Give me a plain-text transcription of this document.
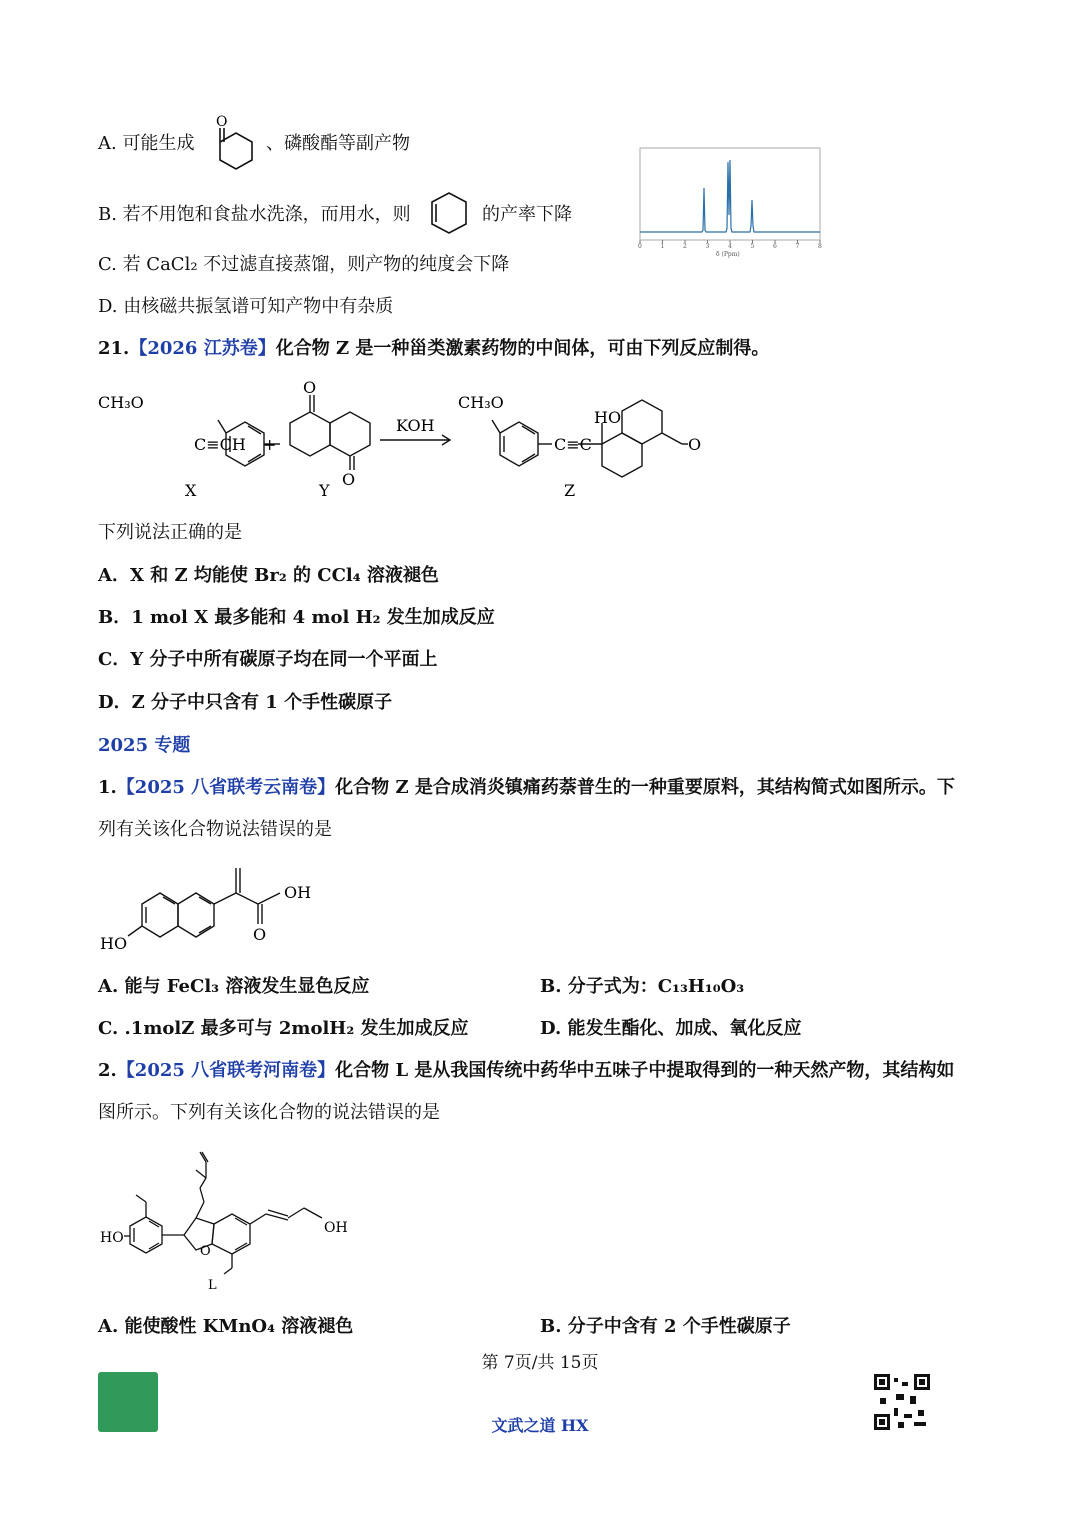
A. 可能生成
O
、磷酸酯等副产物
B. 若不用饱和食盐水洗涤，而用水，则	的产率下降
C. 若 CaCl₂ 不过滤直接蒸馏，则产物的纯度会下降
D. 由核磁共振氢谱可知产物中有杂质
0	1	2	3	4	5	6	7	8
δ (Ppm)
21.【2026 江苏卷】化合物 Z 是一种甾类激素药物的中间体，可由下列反应制得。
CH₃O
C≡CH +
O
O
KOH
CH₃O
C≡C
HO
O
X	Y	Z
下列说法正确的是
A．X 和 Z 均能使 Br₂ 的 CCl₄ 溶液褪色
B．1 mol X 最多能和 4 mol H₂ 发生加成反应
C．Y 分子中所有碳原子均在同一个平面上
D．Z 分子中只含有 1 个手性碳原子
2025 专题
1.【2025 八省联考云南卷】化合物 Z 是合成消炎镇痛药萘普生的一种重要原料，其结构简式如图所示。下
列有关该化合物说法错误的是
OH
HO	O
A. 能与 FeCl₃ 溶液发生显色反应	B. 分子式为：C₁₃H₁₀O₃
C. .1molZ 最多可与 2molH₂ 发生加成反应	D. 能发生酯化、加成、氧化反应
2.【2025 八省联考河南卷】化合物 L 是从我国传统中药华中五味子中提取得到的一种天然产物，其结构如
图所示。下列有关该化合物的说法错误的是
HO
OH
O
L
A. 能使酸性 KMnO₄ 溶液褪色	B. 分子中含有 2 个手性碳原子
第 7页/共 15页
文武之道 HX
